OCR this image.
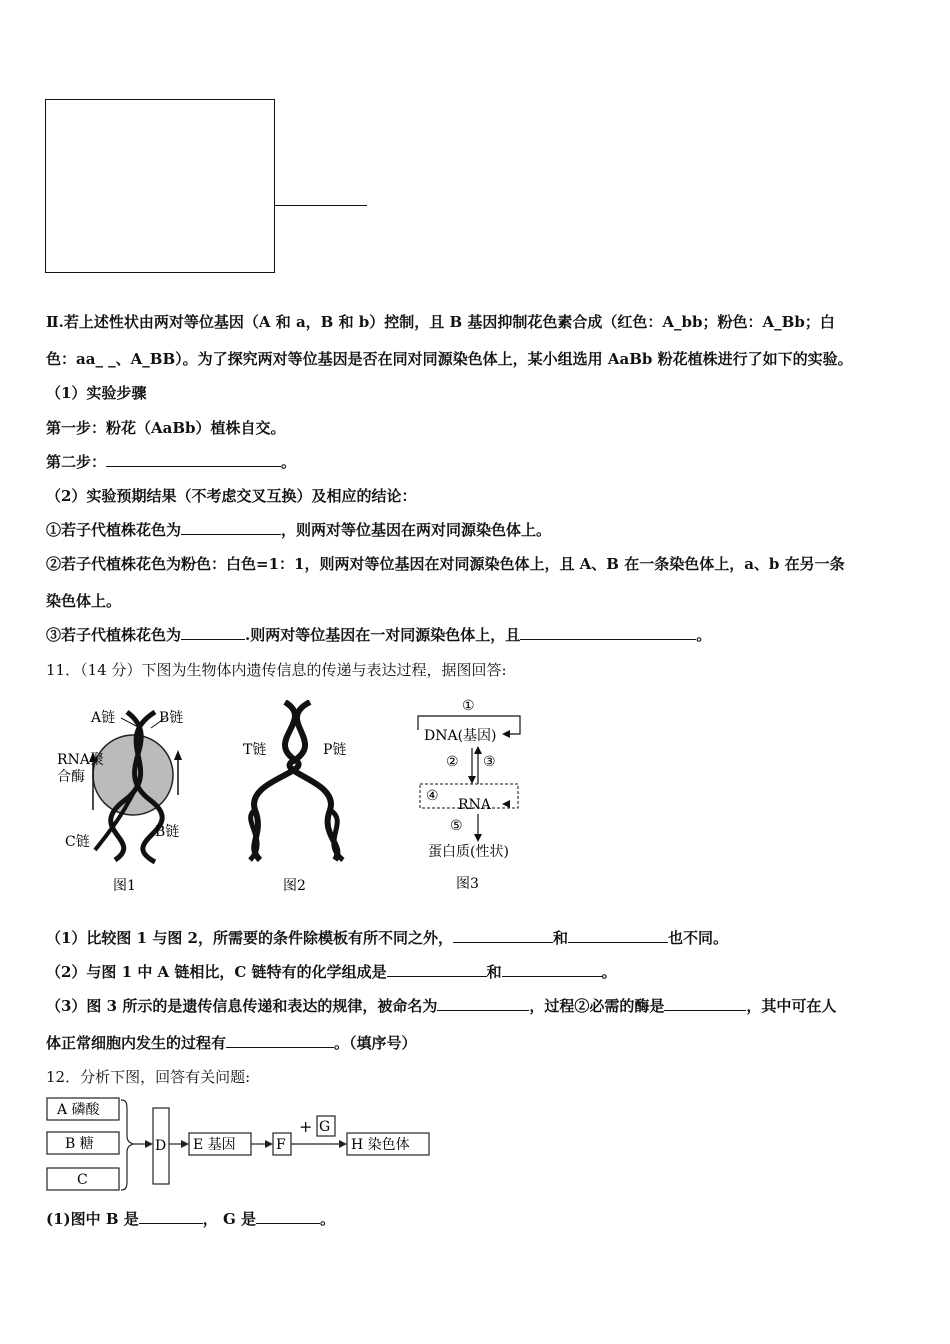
Ⅱ.若上述性状由两对等位基因（A 和 a，B 和 b）控制，且 B 基因抑制花色素合成（红色：A_bb；粉色：A_Bb；白
色：aa_ _、A_BB）。为了探究两对等位基因是否在同对同源染色体上，某小组选用 AaBb 粉花植株进行了如下的实验。
（1）实验步骤
第一步：粉花（AaBb）植株自交。
第二步：	。
（2）实验预期结果（不考虑交叉互换）及相应的结论：
①若子代植株花色为	，则两对等位基因在两对同源染色体上。
②若子代植株花色为粉色：白色=1：1，则两对等位基因在对同源染色体上，且 A、B 在一条染色体上，a、b 在另一条
染色体上。
③若子代植株花色为	.则两对等位基因在一对同源染色体上，且	。
11．（14 分）下图为生物体内遗传信息的传递与表达过程，据图回答:
A链	B链
RNA聚
合酶
C链
B链
图1
T链	P链
图2
①
DNA(基因)
② ③
④
RNA
⑤
蛋白质(性状)
图3
（1）比较图 1 与图 2，所需要的条件除模板有所不同之外，	和	也不同。
（2）与图 1 中 A 链相比，C 链特有的化学组成是	和	。
（3）图 3 所示的是遗传信息传递和表达的规律，被命名为	，过程②必需的酶是	，其中可在人
体正常细胞内发生的过程有	。（填序号）
12．分析下图，回答有关问题:
A 磷酸
B 糖
C
D E 基因	F
+ G
H 染色体
(1)图中 B 是	， G 是	。
